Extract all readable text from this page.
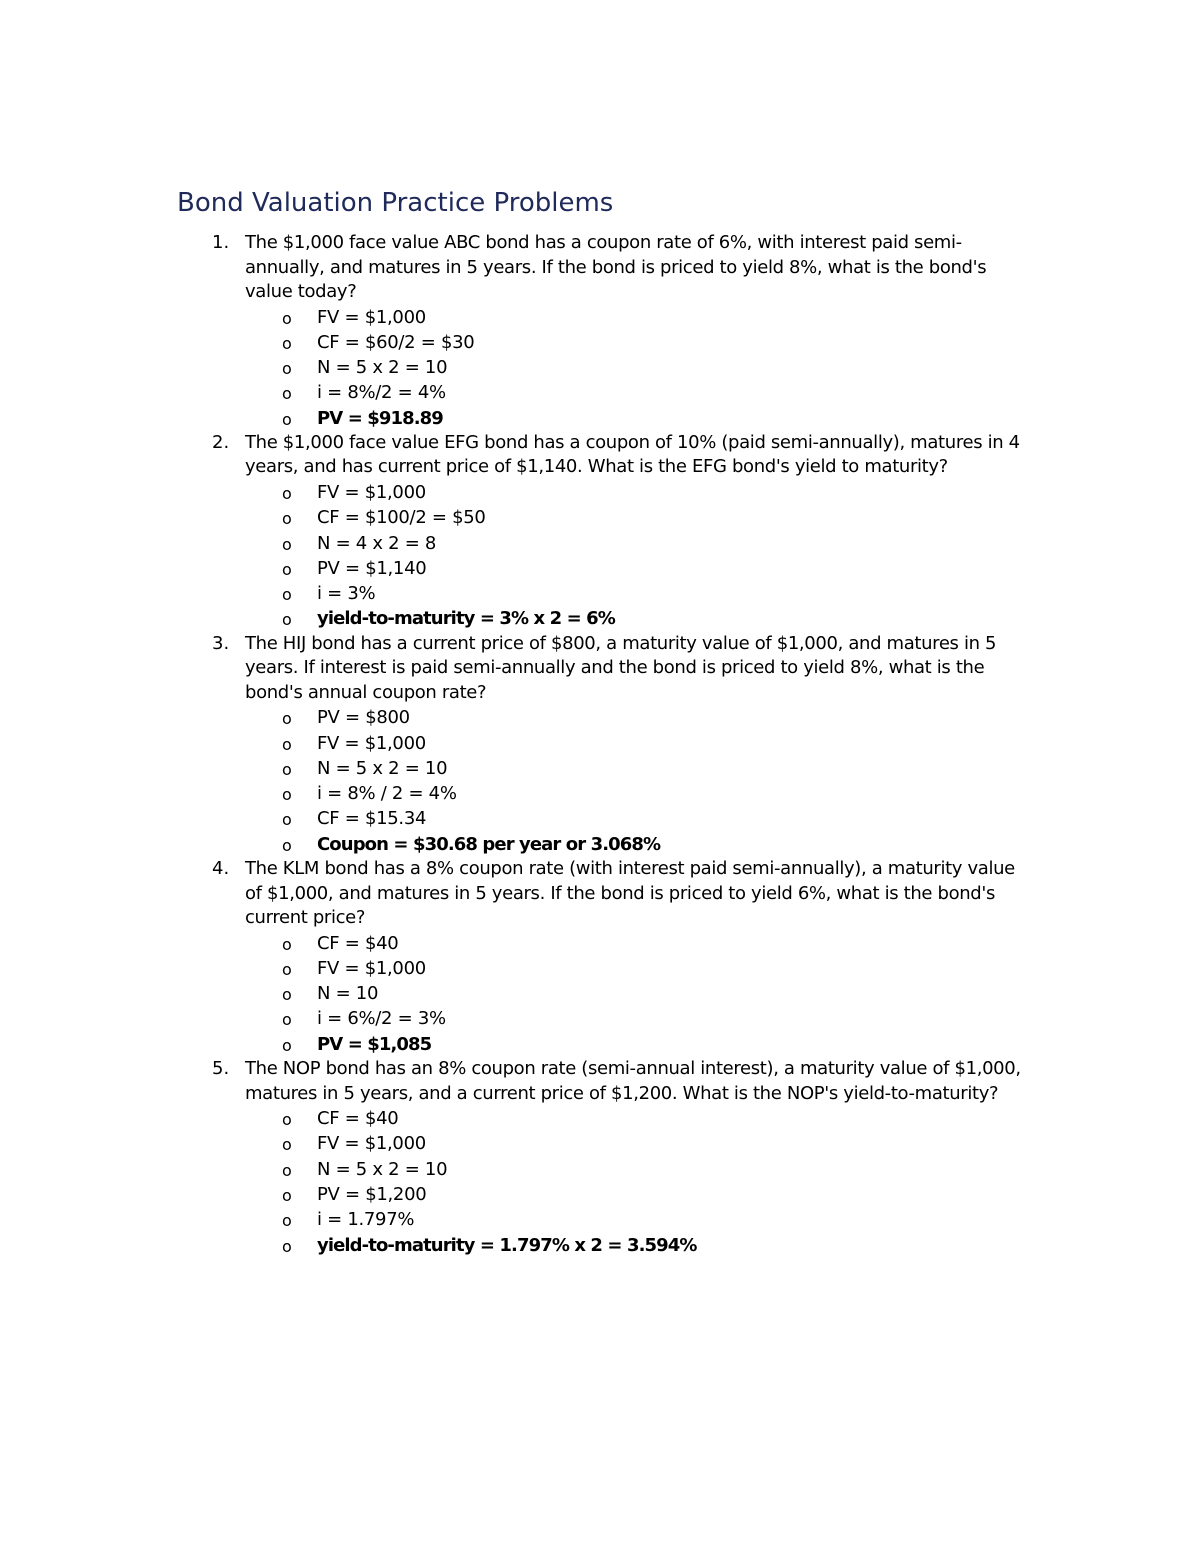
Bond Valuation Practice Problems
1. The $1,000 face value ABC bond has a coupon rate of 6%, with interest paid semi-annually, and matures in 5 years. If the bond is priced to yield 8%, what is the bond's value today?

o FV = $1,000
o CF = $60/2 = $30
o N = 5 x 2 = 10
o i = 8%/2 = 4%
o PV = $918.89
2. The $1,000 face value EFG bond has a coupon of 10% (paid semi-annually), matures in 4 years, and has current price of $1,140. What is the EFG bond's yield to maturity?

o FV = $1,000
o CF = $100/2 = $50
o N = 4 x 2 = 8
o PV = $1,140
o i = 3%
o yield-to-maturity = 3% x 2 = 6%
3. The HIJ bond has a current price of $800, a maturity value of $1,000, and matures in 5 years. If interest is paid semi-annually and the bond is priced to yield 8%, what is the bond's annual coupon rate?

o PV = $800
o FV = $1,000
o N = 5 x 2 = 10
o i = 8% / 2 = 4%
o CF = $15.34
o Coupon = $30.68 per year or 3.068%
4. The KLM bond has a 8% coupon rate (with interest paid semi-annually), a maturity value of $1,000, and matures in 5 years. If the bond is priced to yield 6%, what is the bond's current price?

o CF = $40
o FV = $1,000
o N = 10
o i = 6%/2 = 3%
o PV = $1,085
5. The NOP bond has an 8% coupon rate (semi-annual interest), a maturity value of $1,000, matures in 5 years, and a current price of $1,200. What is the NOP's yield-to-maturity?

o CF = $40
o FV = $1,000
o N = 5 x 2 = 10
o PV = $1,200
o i = 1.797%
o yield-to-maturity = 1.797% x 2 = 3.594%
